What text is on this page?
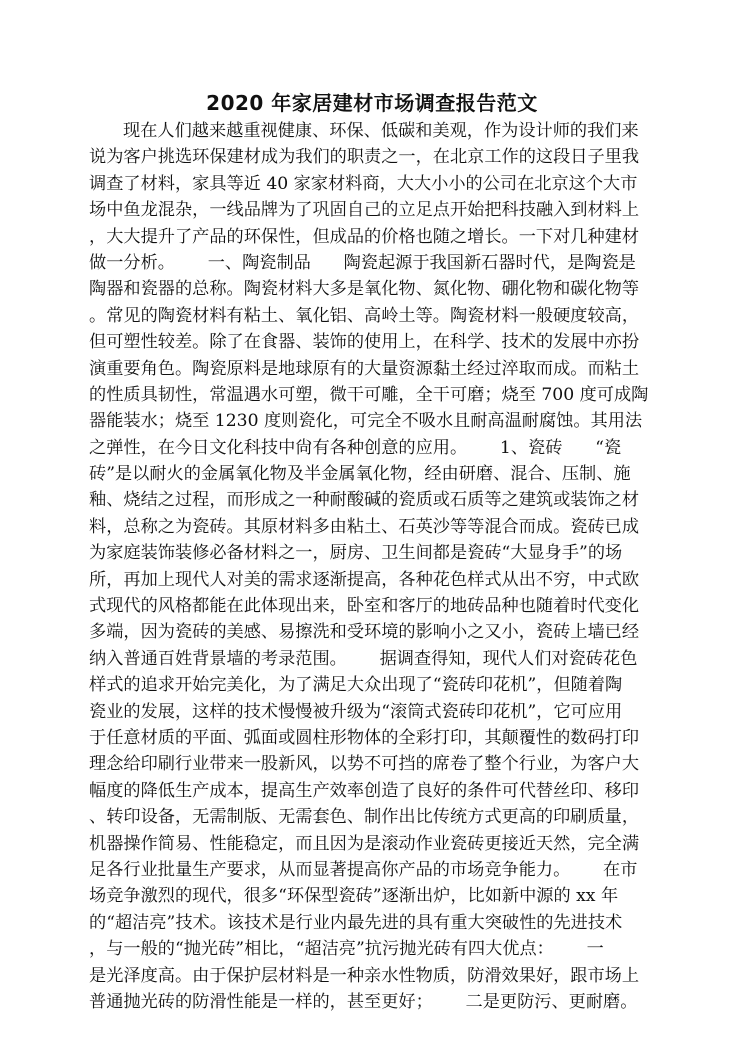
2020 年家居建材市场调查报告范文
现在人们越来越重视健康、环保、低碳和美观，作为设计师的我们来
说为客户挑选环保建材成为我们的职责之一，在北京工作的这段日子里我
调查了材料，家具等近 40 家家材料商，大大小小的公司在北京这个大市
场中鱼龙混杂，一线品牌为了巩固自己的立足点开始把科技融入到材料上
，大大提升了产品的环保性，但成品的价格也随之增长。一下对几种建材
做一分析。      一、陶瓷制品      陶瓷起源于我国新石器时代，是陶瓷是
陶器和瓷器的总称。陶瓷材料大多是氧化物、氮化物、硼化物和碳化物等
。常见的陶瓷材料有粘土、氧化铝、高岭土等。陶瓷材料一般硬度较高，
但可塑性较差。除了在食器、装饰的使用上，在科学、技术的发展中亦扮
演重要角色。陶瓷原料是地球原有的大量资源黏土经过淬取而成。而粘土
的性质具韧性，常温遇水可塑，微干可雕，全干可磨；烧至 700 度可成陶
器能装水；烧至 1230 度则瓷化，可完全不吸水且耐高温耐腐蚀。其用法
之弹性，在今日文化科技中尙有各种创意的应用。      1、瓷砖      “瓷
砖”是以耐火的金属氧化物及半金属氧化物，经由研磨、混合、压制、施
釉、烧结之过程，而形成之一种耐酸碱的瓷质或石质等之建筑或装饰之材
料，总称之为瓷砖。其原材料多由粘土、石英沙等等混合而成。瓷砖已成
为家庭装饰装修必备材料之一，厨房、卫生间都是瓷砖“大显身手”的场
所，再加上现代人对美的需求逐渐提高，各种花色样式从出不穷，中式欧
式现代的风格都能在此体现出来，卧室和客厅的地砖品种也随着时代变化
多端，因为瓷砖的美感、易擦洗和受环境的影响小之又小，瓷砖上墙已经
纳入普通百姓背景墙的考录范围。      据调查得知，现代人们对瓷砖花色
样式的追求开始完美化，为了满足大众出现了“瓷砖印花机”，但随着陶
瓷业的发展，这样的技术慢慢被升级为“滚筒式瓷砖印花机”，它可应用
于任意材质的平面、弧面或圆柱形物体的全彩打印，其颠覆性的数码打印
理念给印刷行业带来一股新风，以势不可挡的席卷了整个行业，为客户大
幅度的降低生产成本，提高生产效率创造了良好的条件可代替丝印、移印
、转印设备，无需制版、无需套色、制作出比传统方式更高的印刷质量，
机器操作简易、性能稳定，而且因为是滚动作业瓷砖更接近天然，完全满
足各行业批量生产要求，从而显著提高你产品的市场竞争能力。      在市
场竞争激烈的现代，很多“环保型瓷砖”逐渐出炉，比如新中源的 xx 年
的“超洁亮”技术。该技术是行业内最先进的具有重大突破性的先进技术
，与一般的“抛光砖”相比，“超洁亮”抗污抛光砖有四大优点：      一
是光泽度高。由于保护层材料是一种亲水性物质，防滑效果好，跟市场上
普通抛光砖的防滑性能是一样的，甚至更好；      二是更防污、更耐磨。
